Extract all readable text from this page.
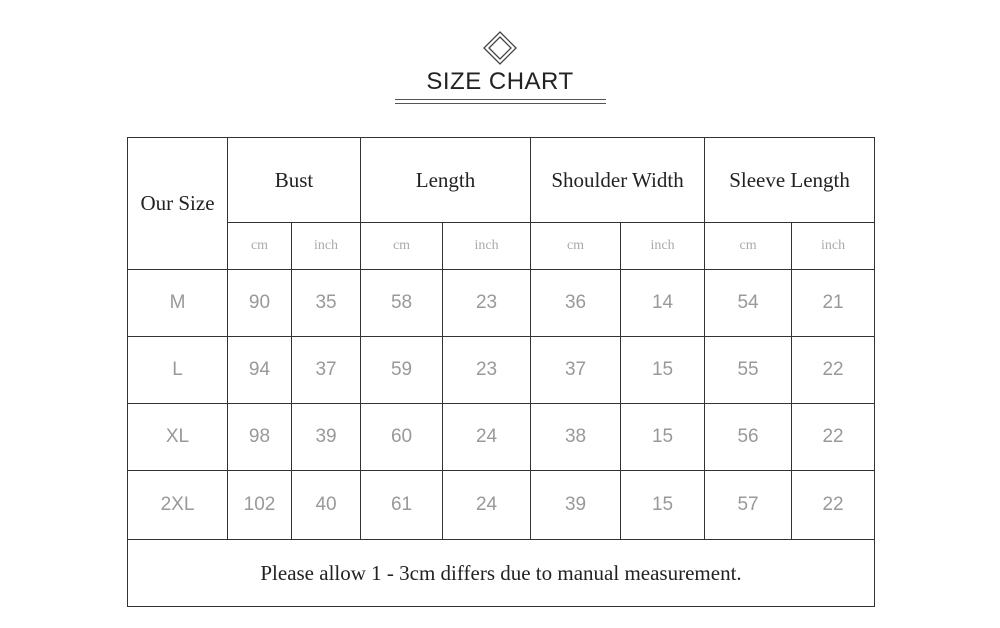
SIZE CHART
Our Size	Bust		Length		Shoulder Width		Sleeve Length	
	cm	inch	cm	inch	cm	inch	cm	inch
M	90	35	58	23	36	14	54	21
L	94	37	59	23	37	15	55	22
XL	98	39	60	24	38	15	56	22
2XL	102	40	61	24	39	15	57	22
Please allow 1 - 3cm differs due to manual measurement.								
